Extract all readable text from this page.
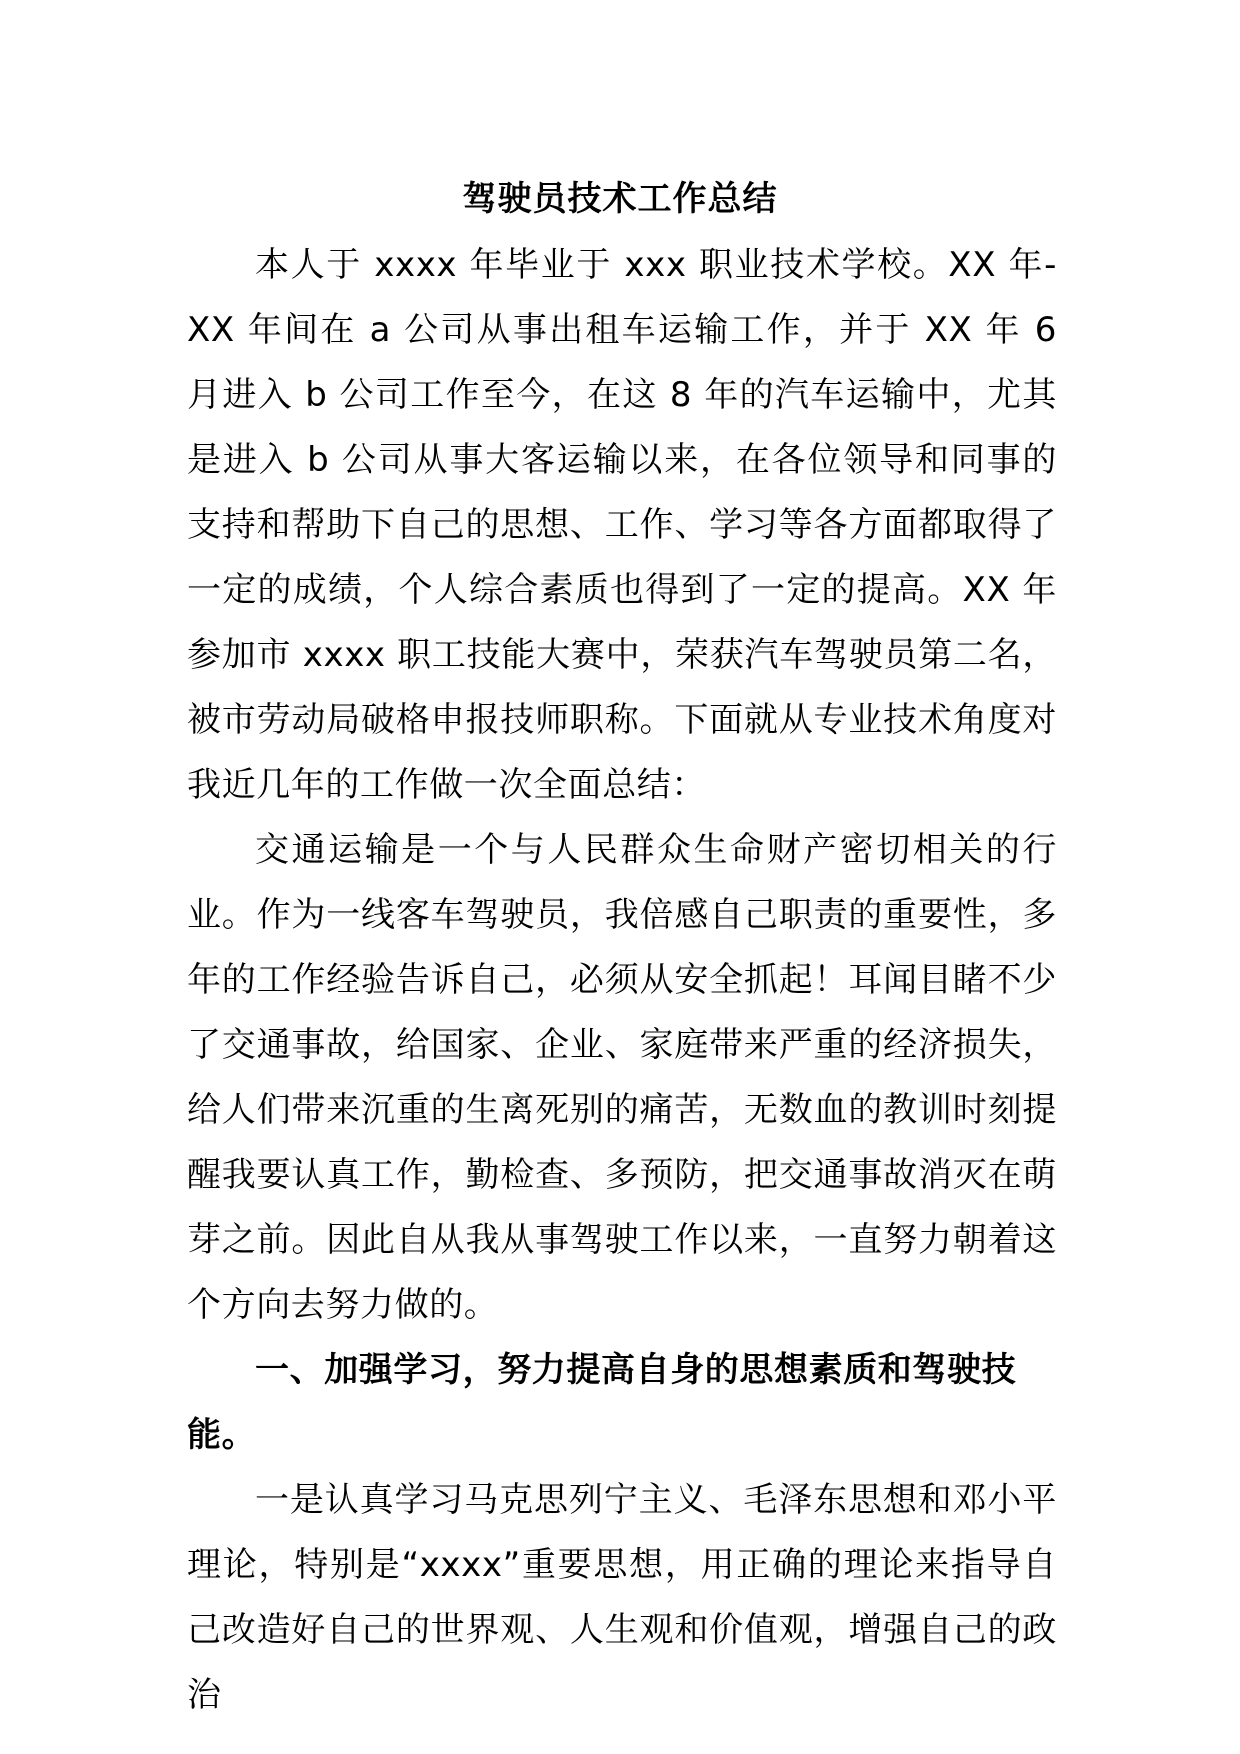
驾驶员技术工作总结

本人于 xxxx 年毕业于 xxx 职业技术学校。XX 年-XX 年间在 a 公司从事出租车运输工作，并于 XX 年 6 月进入 b 公司工作至今，在这 8 年的汽车运输中，尤其是进入 b 公司从事大客运输以来，在各位领导和同事的支持和帮助下自己的思想、工作、学习等各方面都取得了一定的成绩，个人综合素质也得到了一定的提高。XX 年参加市 xxxx 职工技能大赛中，荣获汽车驾驶员第二名，被市劳动局破格申报技师职称。下面就从专业技术角度对我近几年的工作做一次全面总结：

交通运输是一个与人民群众生命财产密切相关的行业。作为一线客车驾驶员，我倍感自己职责的重要性，多年的工作经验告诉自己，必须从安全抓起！耳闻目睹不少了交通事故，给国家、企业、家庭带来严重的经济损失，给人们带来沉重的生离死别的痛苦，无数血的教训时刻提醒我要认真工作，勤检查、多预防，把交通事故消灭在萌芽之前。因此自从我从事驾驶工作以来，一直努力朝着这个方向去努力做的。

一、加强学习，努力提高自身的思想素质和驾驶技能。

一是认真学习马克思列宁主义、毛泽东思想和邓小平理论，特别是“xxxx”重要思想，用正确的理论来指导自己改造好自己的世界观、人生观和价值观，增强自己的政治
